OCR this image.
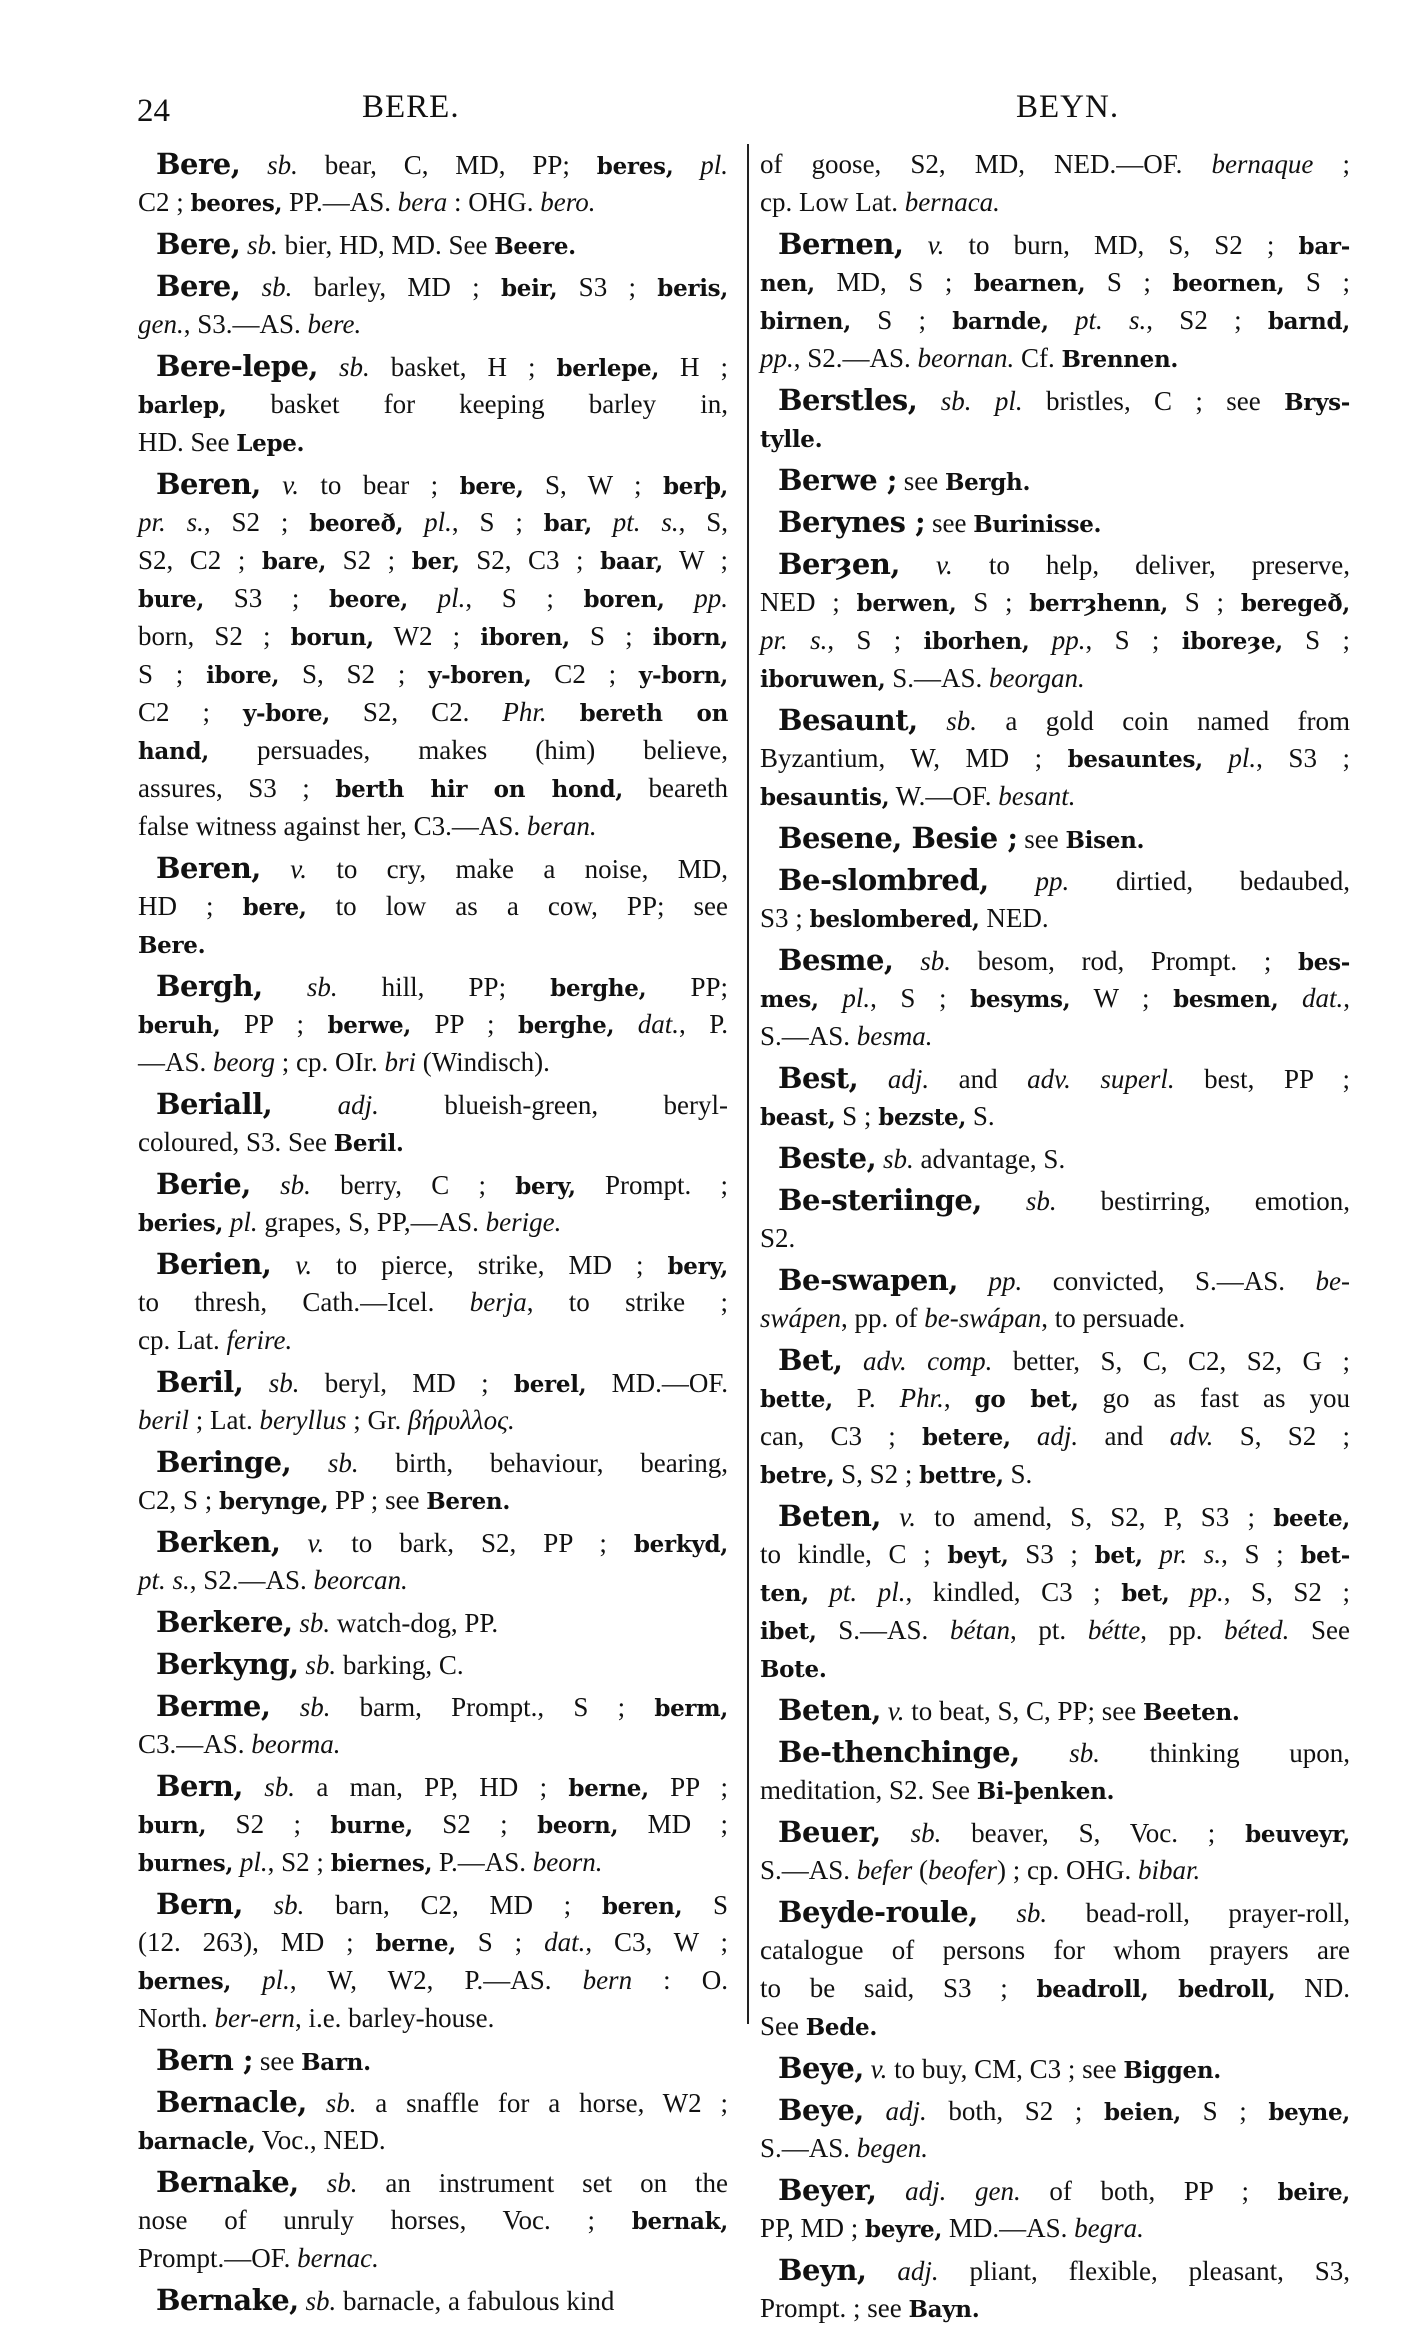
24	BERE.	BEYN.
Bere, sb. bear, C, MD, PP; beres, pl.
C2 ; beores, PP.—AS. bera : OHG. bero.
Bere, sb. bier, HD, MD. See Beere.
Bere, sb. barley, MD ; beir, S3 ; beris,
gen., S3.—AS. bere.
Bere-lepe, sb. basket, H ; berlepe, H ;
barlep, basket for keeping barley in,
HD. See Lepe.
Beren, v. to bear ; bere, S, W ; berþ,
pr. s., S2 ; beoreð, pl., S ; bar, pt. s., S,
S2, C2 ; bare, S2 ; ber, S2, C3 ; baar, W ;
bure, S3 ; beore, pl., S ; boren, pp.
born, S2 ; borun, W2 ; iboren, S ; iborn,
S ; ibore, S, S2 ; y-boren, C2 ; y-born,
C2 ; y-bore, S2, C2. Phr. bereth on
hand, persuades, makes (him) believe,
assures, S3 ; berth hir on hond, beareth
false witness against her, C3.—AS. beran.
Beren, v. to cry, make a noise, MD,
HD ; bere, to low as a cow, PP; see
Bere.
Bergh, sb. hill, PP; berghe, PP;
beruh, PP ; berwe, PP ; berghe, dat., P.
—AS. beorg ; cp. OIr. bri (Windisch).
Beriall, adj. blueish-green, beryl-
coloured, S3. See Beril.
Berie, sb. berry, C ; bery, Prompt. ;
beries, pl. grapes, S, PP,—AS. berige.
Berien, v. to pierce, strike, MD ; bery,
to thresh, Cath.—Icel. berja, to strike ;
cp. Lat. ferire.
Beril, sb. beryl, MD ; berel, MD.—OF.
beril ; Lat. beryllus ; Gr. βήρυλλος.
Beringe, sb. birth, behaviour, bearing,
C2, S ; berynge, PP ; see Beren.
Berken, v. to bark, S2, PP ; berkyd,
pt. s., S2.—AS. beorcan.
Berkere, sb. watch-dog, PP.
Berkyng, sb. barking, C.
Berme, sb. barm, Prompt., S ; berm,
C3.—AS. beorma.
Bern, sb. a man, PP, HD ; berne, PP ;
burn, S2 ; burne, S2 ; beorn, MD ;
burnes, pl., S2 ; biernes, P.—AS. beorn.
Bern, sb. barn, C2, MD ; beren, S
(12. 263), MD ; berne, S ; dat., C3, W ;
bernes, pl., W, W2, P.—AS. bern : O.
North. ber-ern, i.e. barley-house.
Bern ; see Barn.
Bernacle, sb. a snaffle for a horse, W2 ;
barnacle, Voc., NED.
Bernake, sb. an instrument set on the
nose of unruly horses, Voc. ; bernak,
Prompt.—OF. bernac.
Bernake, sb. barnacle, a fabulous kind
of goose, S2, MD, NED.—OF. bernaque ;
cp. Low Lat. bernaca.
Bernen, v. to burn, MD, S, S2 ; bar-
nen, MD, S ; bearnen, S ; beornen, S ;
birnen, S ; barnde, pt. s., S2 ; barnd,
pp., S2.—AS. beornan. Cf. Brennen.
Berstles, sb. pl. bristles, C ; see Brys-
tylle.
Berwe ; see Bergh.
Berynes ; see Burinisse.
Berȝen, v. to help, deliver, preserve,
NED ; berwen, S ; berrȝhenn, S ; beregeð,
pr. s., S ; iborhen, pp., S ; iboreȝe, S ;
iboruwen, S.—AS. beorgan.
Besaunt, sb. a gold coin named from
Byzantium, W, MD ; besauntes, pl., S3 ;
besauntis, W.—OF. besant.
Besene, Besie ; see Bisen.
Be-slombred, pp. dirtied, bedaubed,
S3 ; beslombered, NED.
Besme, sb. besom, rod, Prompt. ; bes-
mes, pl., S ; besyms, W ; besmen, dat.,
S.—AS. besma.
Best, adj. and adv. superl. best, PP ;
beast, S ; bezste, S.
Beste, sb. advantage, S.
Be-steriinge, sb. bestirring, emotion,
S2.
Be-swapen, pp. convicted, S.—AS. be-
swápen, pp. of be-swápan, to persuade.
Bet, adv. comp. better, S, C, C2, S2, G ;
bette, P. Phr., go bet, go as fast as you
can, C3 ; betere, adj. and adv. S, S2 ;
betre, S, S2 ; bettre, S.
Beten, v. to amend, S, S2, P, S3 ; beete,
to kindle, C ; beyt, S3 ; bet, pr. s., S ; bet-
ten, pt. pl., kindled, C3 ; bet, pp., S, S2 ;
ibet, S.—AS. bétan, pt. bétte, pp. béted. See
Bote.
Beten, v. to beat, S, C, PP; see Beeten.
Be-thenchinge, sb. thinking upon,
meditation, S2. See Bi-þenken.
Beuer, sb. beaver, S, Voc. ; beuveyr,
S.—AS. befer (beofer) ; cp. OHG. bibar.
Beyde-roule, sb. bead-roll, prayer-roll,
catalogue of persons for whom prayers are
to be said, S3 ; beadroll, bedroll, ND.
See Bede.
Beye, v. to buy, CM, C3 ; see Biggen.
Beye, adj. both, S2 ; beien, S ; beyne,
S.—AS. begen.
Beyer, adj. gen. of both, PP ; beire,
PP, MD ; beyre, MD.—AS. begra.
Beyn, adj. pliant, flexible, pleasant, S3,
Prompt. ; see Bayn.
